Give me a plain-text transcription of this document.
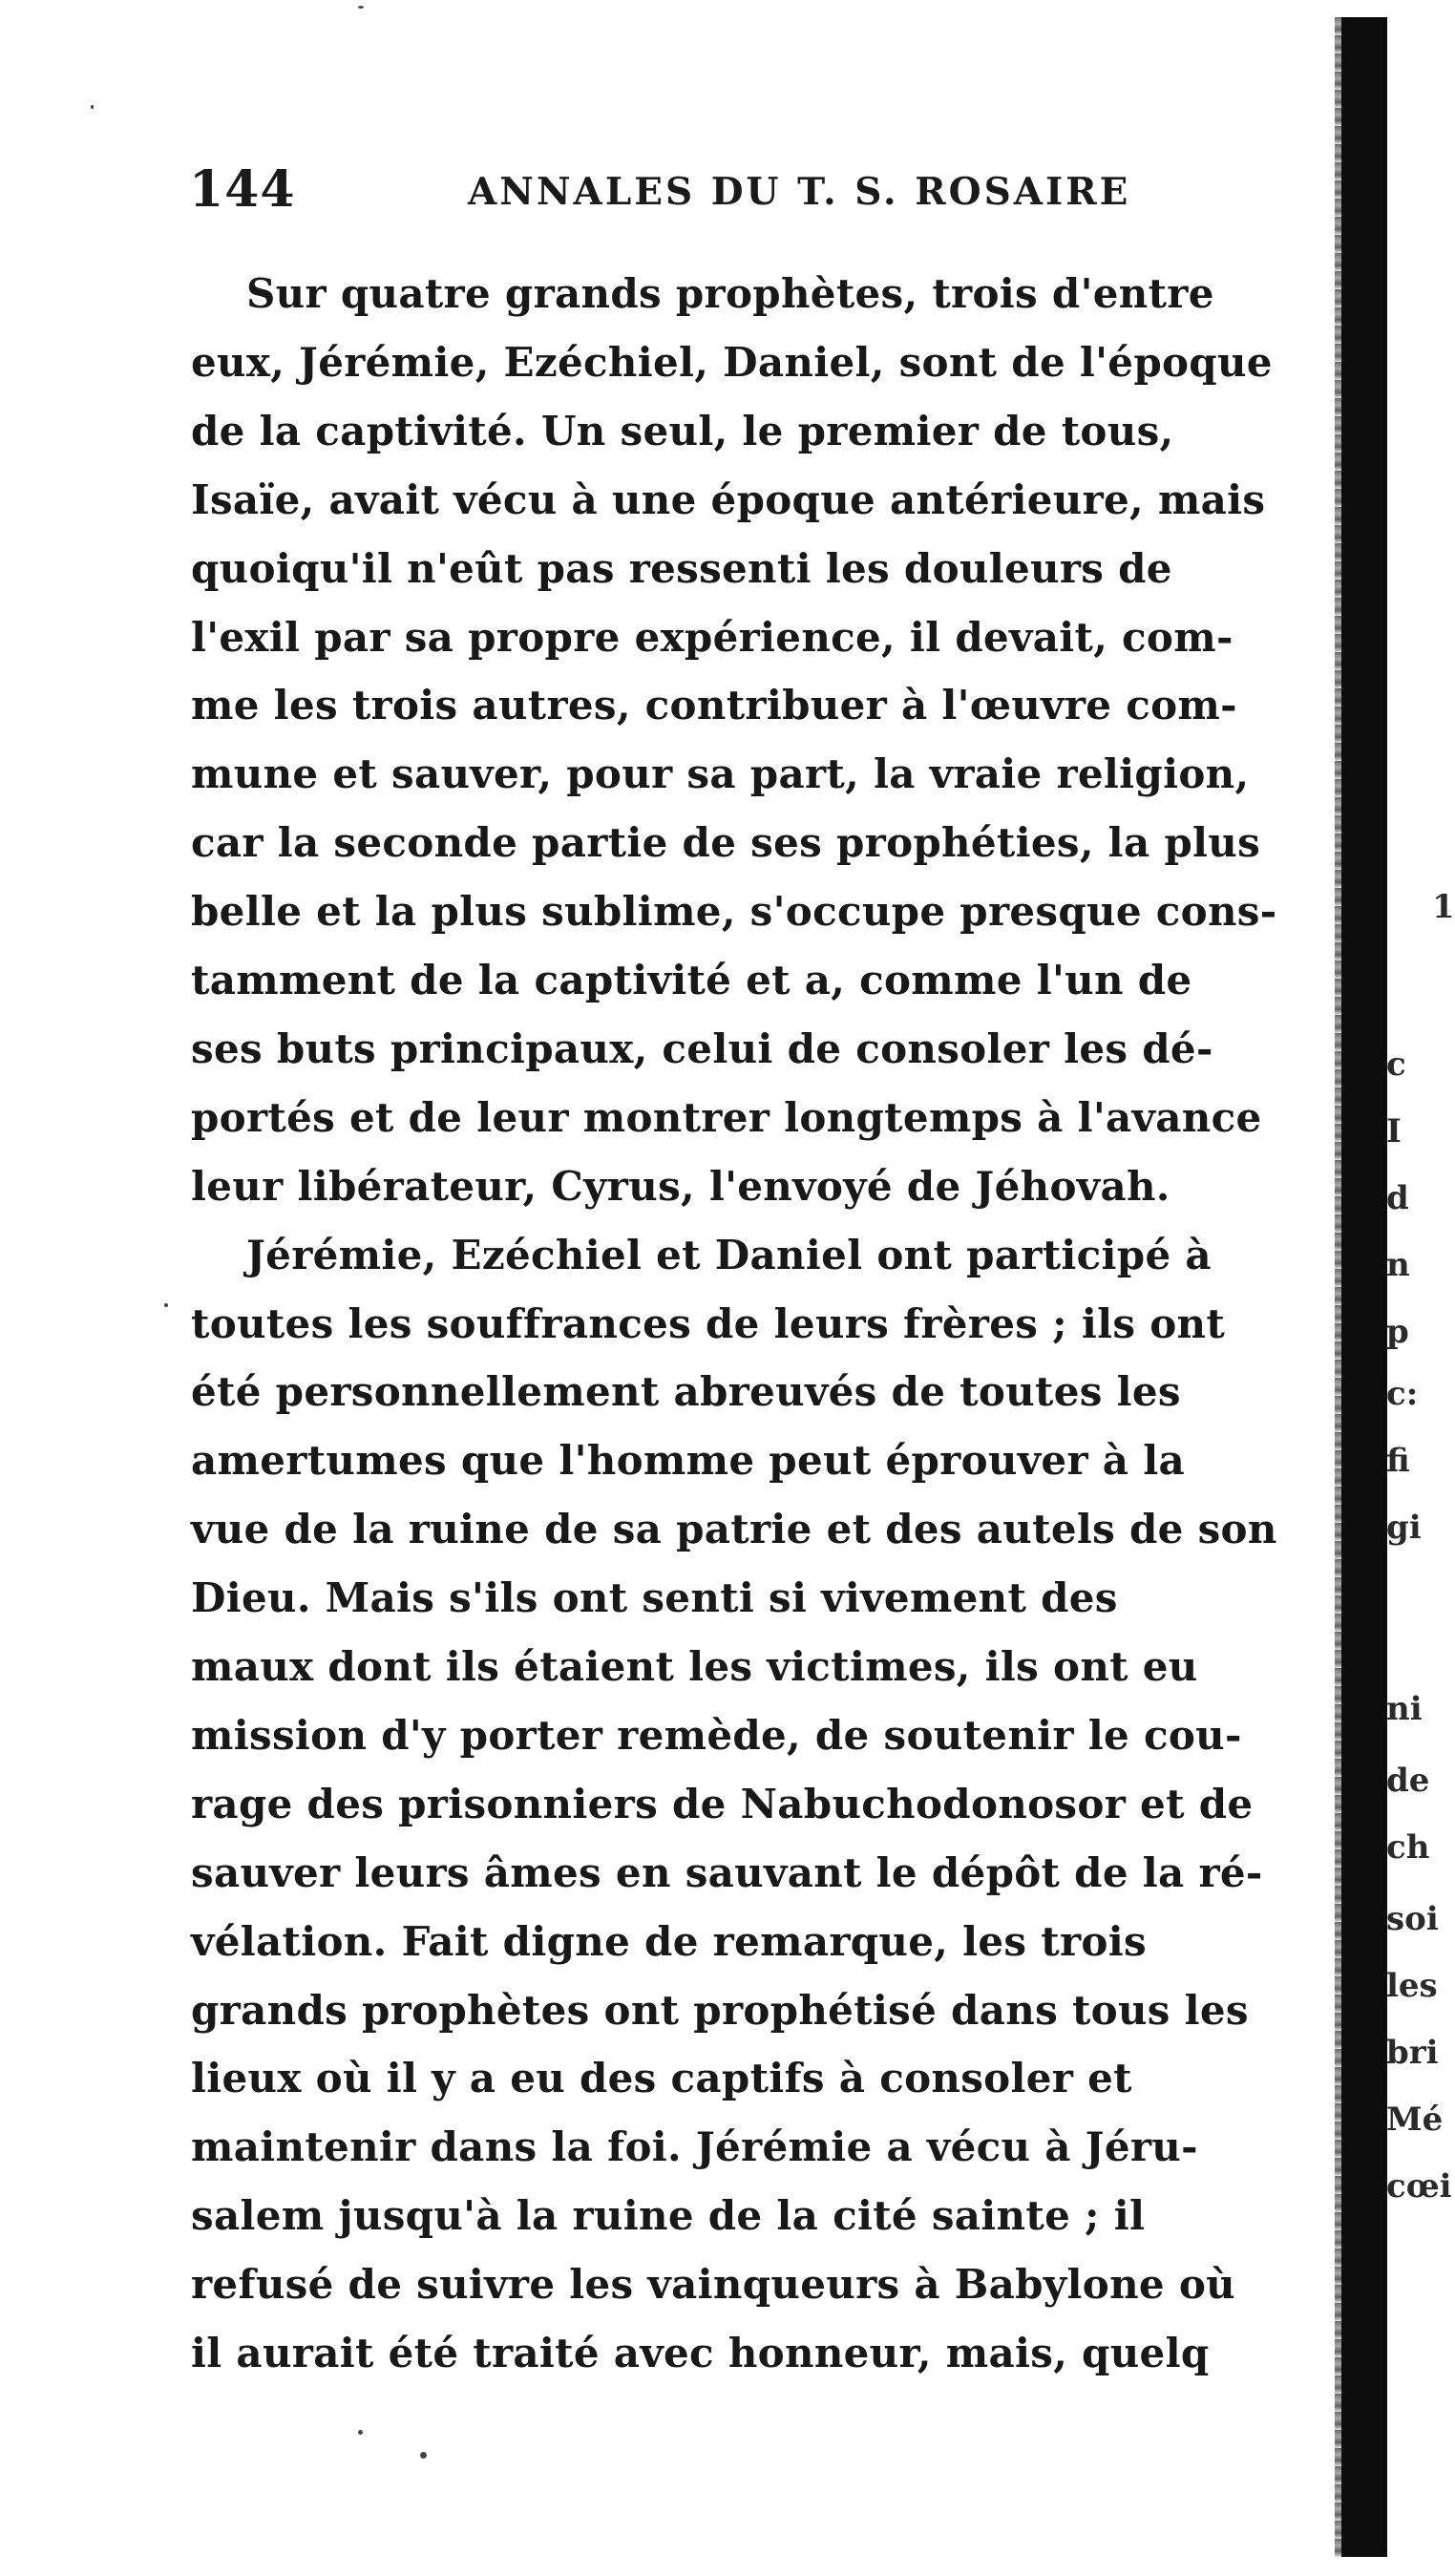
144	ANNALES DU T. S. ROSAIRE
Sur quatre grands prophètes, trois d'entre
eux, Jérémie, Ezéchiel, Daniel, sont de l'époque
de la captivité. Un seul, le premier de tous,
Isaïe, avait vécu à une époque antérieure, mais
quoiqu'il n'eût pas ressenti les douleurs de
l'exil par sa propre expérience, il devait, com-
me les trois autres, contribuer à l'œuvre com-
mune et sauver, pour sa part, la vraie religion,
car la seconde partie de ses prophéties, la plus
belle et la plus sublime, s'occupe presque cons-
tamment de la captivité et a, comme l'un de
ses buts principaux, celui de consoler les dé-
portés et de leur montrer longtemps à l'avance
leur libérateur, Cyrus, l'envoyé de Jéhovah.
Jérémie, Ezéchiel et Daniel ont participé à
toutes les souffrances de leurs frères ; ils ont
été personnellement abreuvés de toutes les
amertumes que l'homme peut éprouver à la
vue de la ruine de sa patrie et des autels de son
Dieu. Mais s'ils ont senti si vivement des
maux dont ils étaient les victimes, ils ont eu
mission d'y porter remède, de soutenir le cou-
rage des prisonniers de Nabuchodonosor et de
sauver leurs âmes en sauvant le dépôt de la ré-
vélation. Fait digne de remarque, les trois
grands prophètes ont prophétisé dans tous les
lieux où il y a eu des captifs à consoler et
maintenir dans la foi. Jérémie a vécu à Jéru-
salem jusqu'à la ruine de la cité sainte ; il
refusé de suivre les vainqueurs à Babylone où
il aurait été traité avec honneur, mais, quelq
1
c
I
d
n
p
c:
fi
gi
ni
de
ch
soi
les
bri
Mé
cœi
